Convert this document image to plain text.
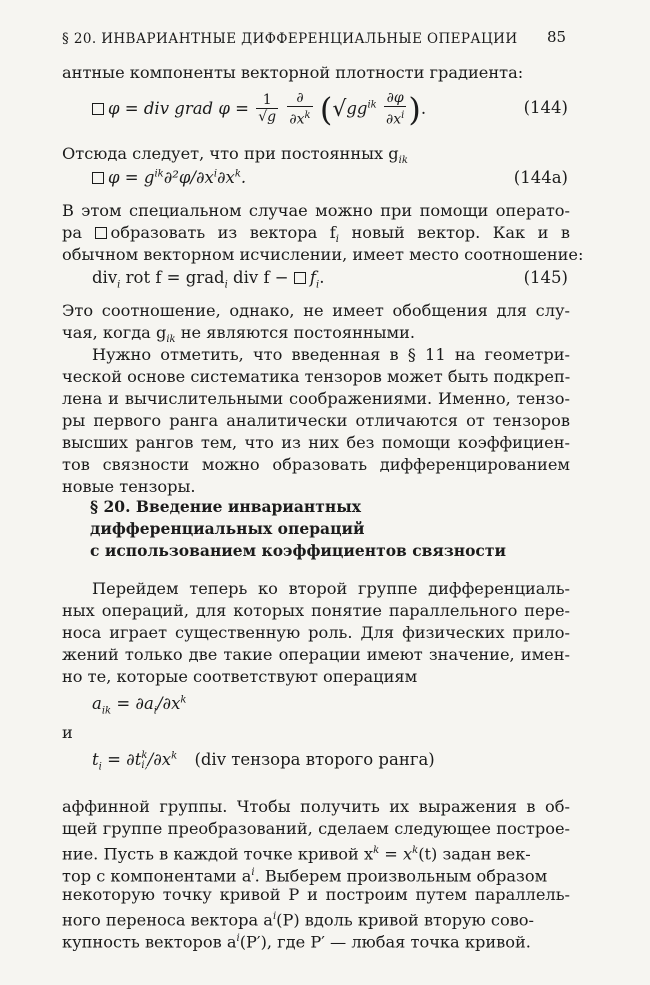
§ 20. ИНВАРИАНТНЫЕ ДИФФЕРЕНЦИАЛЬНЫЕ ОПЕРАЦИИ	85
антные компоненты векторной плотности градиента:
φ = div grad $\varphi = \frac{1}{√g}$
$\frac{\partial}{\partial x^k} (√gg^{ik} \frac{\partial\varphi}{\partial x^i}$ ).	(144)
Отсюда следует, что при постоянных $g_{ik}$
$\varphi = g^{ik}\partial^2\varphi/\partial x^i\partial x^k$.	(144a)
В этом специальном случае можно при помощи операто-
ра образовать из вектора $f_i$ новый вектор. Как и в
обычном векторном исчислении, имеет место соотношение:
div$_i$ rot f = grad$_i$ div $f - f_i$.	(145)
Это соотношение, однако, не имеет обобщения для слу-
чая, когда $g_{ik}$ не являются постоянными.
Нужно отметить, что введенная в § 11 на геометри-
ческой основе систематика тензоров может быть подкреп-
лена и вычислительными соображениями. Именно, тензо-
ры первого ранга аналитически отличаются от тензоров
высших рангов тем, что из них без помощи коэффициен-
тов связности можно образовать дифференцированием
новые тензоры.
§ 20. Введение инвариантных
дифференциальных операций
с использованием коэффициентов связности
Перейдем теперь ко второй группе дифференциаль-
ных операций, для которых понятие параллельного пере-
носа играет существенную роль. Для физических прило-
жений только две такие операции имеют значение, имен-
но те, которые соответствуют операциям
$a_{ik} = \partial a_i/\partial x^k$
и
$t_i = \partial t$ k
i, $/\partial x^k$ (div тензора второго ранга)
аффинной группы. Чтобы получить их выражения в об-
щей группе преобразований, сделаем следующее построе-
ние. Пусть в каждой точке кривой $x^k = x^k(t)$ задан век-
тор с компонентами $a^i$. Выберем произвольным образом
некоторую точку кривой P и построим путем параллель-
ного переноса вектора $a^i(P)$ вдоль кривой вторую сово-
купность векторов $a^i(P')$, где P′ — любая точка кривой.
